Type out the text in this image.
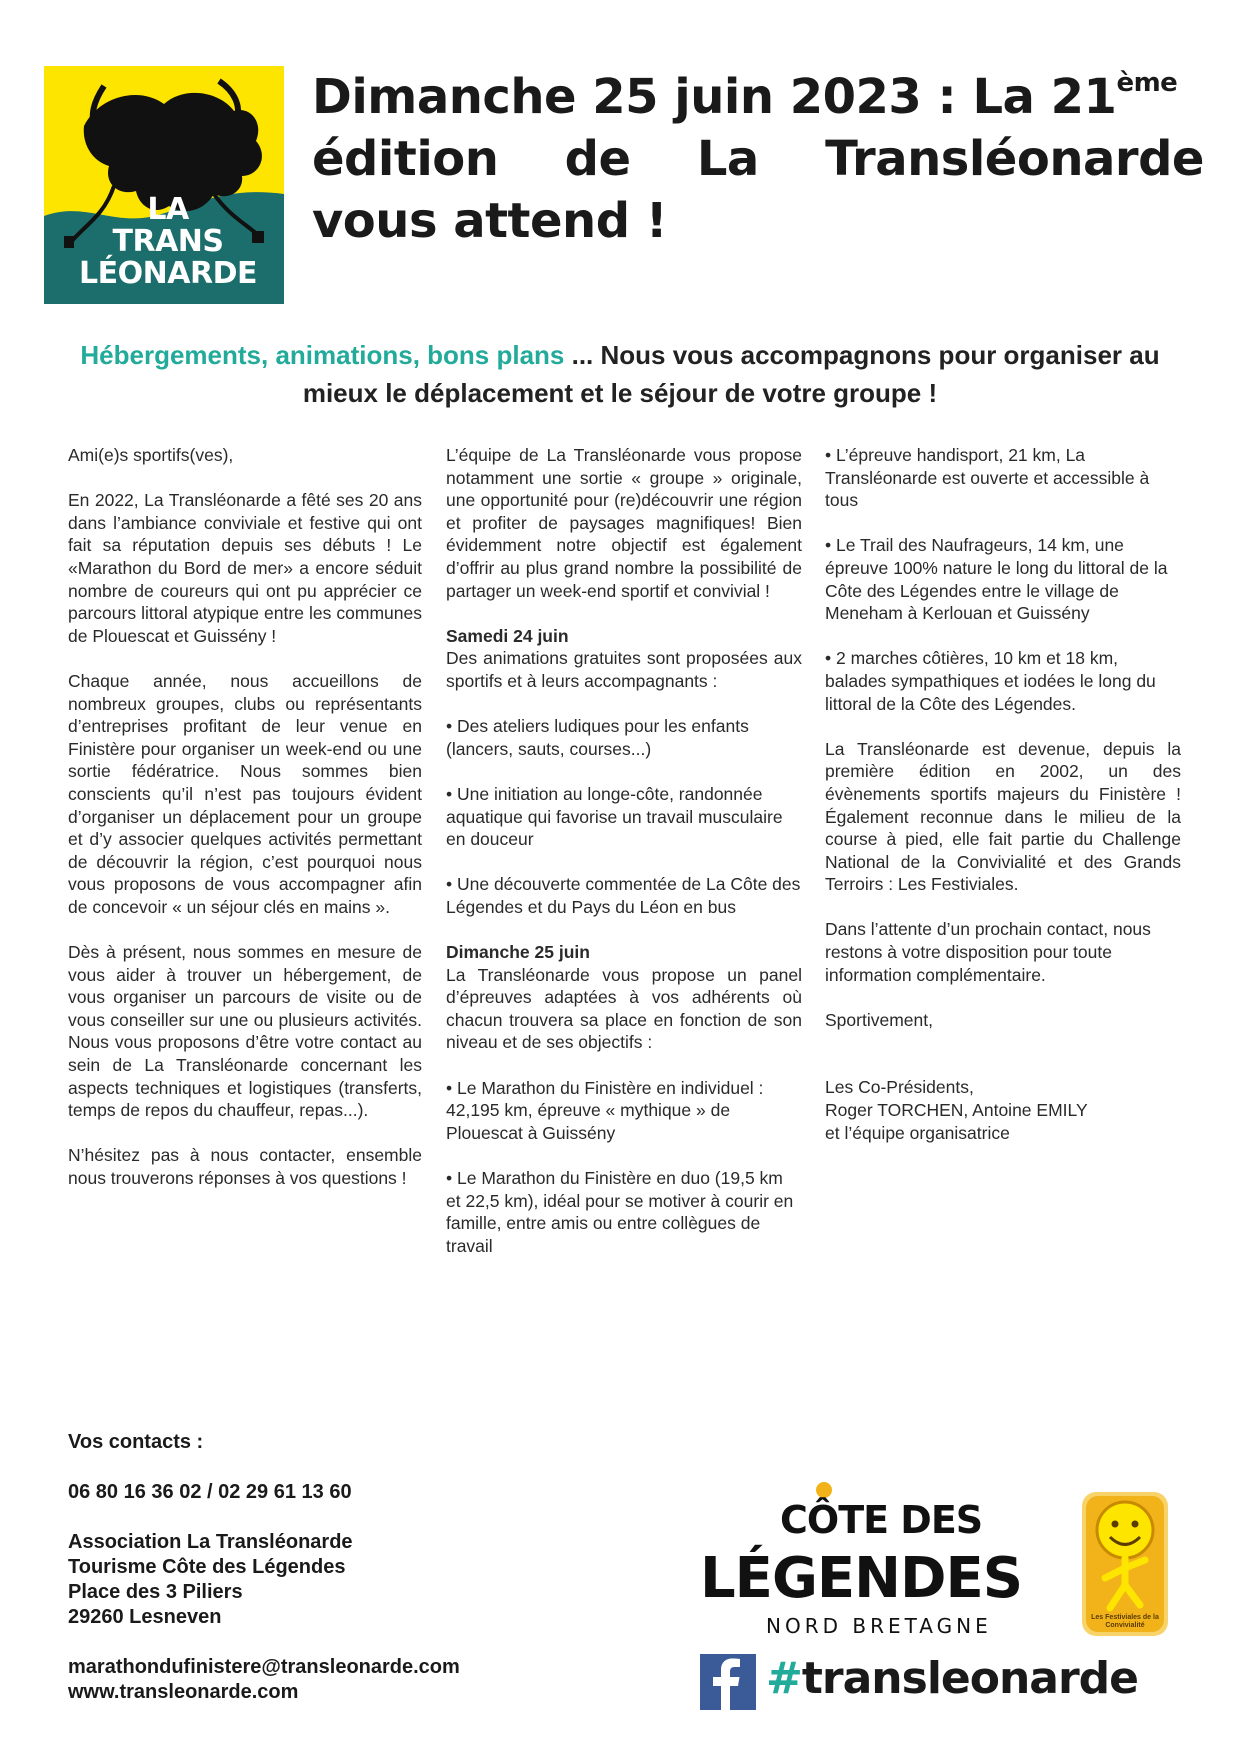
LA
TRANS
LÉONARDE
Dimanche 25 juin 2023 : La 21ème
édition de La Transléonarde
vous attend !

Hébergements, animations, bons plans ... Nous vous accompagnons pour organiser au mieux le déplacement et le séjour de votre groupe !

Ami(e)s sportifs(ves),

En 2022, La Transléonarde a fêté ses 20 ans dans l’ambiance conviviale et festive qui ont fait sa réputation depuis ses débuts ! Le «Marathon du Bord de mer» a encore séduit nombre de coureurs qui ont pu apprécier ce parcours littoral atypique entre les communes de Plouescat et Guissény !

Chaque année, nous accueillons de nombreux groupes, clubs ou représentants d’entreprises profitant de leur venue en Finistère pour organiser un week-end ou une sortie fédératrice. Nous sommes bien conscients qu’il n’est pas toujours évident d’organiser un déplacement pour un groupe et d’y associer quelques activités permettant de découvrir la région, c’est pourquoi nous vous proposons de vous accompagner afin de concevoir « un séjour clés en mains ».

Dès à présent, nous sommes en mesure de vous aider à trouver un hébergement, de vous organiser un parcours de visite ou de vous conseiller sur une ou plusieurs activités. Nous vous proposons d’être votre contact au sein de La Transléonarde concernant les aspects techniques et logistiques (transferts, temps de repos du chauffeur, repas...).

N’hésitez pas à nous contacter, ensemble nous trouverons réponses à vos questions !

L’équipe de La Transléonarde vous propose notamment une sortie « groupe » originale, une opportunité pour (re)découvrir une région et profiter de paysages magnifiques! Bien évidemment notre objectif est également d’offrir au plus grand nombre la possibilité de partager un week-end sportif et convivial !

Samedi 24 juin

Des animations gratuites sont proposées aux sportifs et à leurs accompagnants :

• Des ateliers ludiques pour les enfants (lancers, sauts, courses...)

• Une initiation au longe-côte, randonnée aquatique qui favorise un travail musculaire en douceur

• Une découverte commentée de La Côte des Légendes et du Pays du Léon en bus

Dimanche 25 juin

La Transléonarde vous propose un panel d’épreuves adaptées à vos adhérents où chacun trouvera sa place en fonction de son niveau et de ses objectifs :

• Le Marathon du Finistère en individuel : 42,195 km, épreuve « mythique » de Plouescat à Guissény

• Le Marathon du Finistère en duo (19,5 km et 22,5 km), idéal pour se motiver à courir en famille, entre amis ou entre collègues de travail

• L’épreuve handisport, 21 km, La Transléonarde est ouverte et accessible à tous

• Le Trail des Naufrageurs, 14 km, une épreuve 100% nature le long du littoral de la Côte des Légendes entre le village de Meneham à Kerlouan et Guissény

• 2 marches côtières, 10 km et 18 km, balades sympathiques et iodées le long du littoral de la Côte des Légendes.

La Transléonarde est devenue, depuis la première édition en 2002, un des évènements sportifs majeurs du Finistère ! Également reconnue dans le milieu de la course à pied, elle fait partie du Challenge National de la Convivialité et des Grands Terroirs : Les Festiviales.

Dans l’attente d’un prochain contact, nous restons à votre disposition pour toute information complémentaire.

Sportivement,

Les Co-Présidents,
Roger TORCHEN, Antoine EMILY
et l’équipe organisatrice

Vos contacts :

06 80 16 36 02 / 02 29 61 13 60

Association La Transléonarde
Tourisme Côte des Légendes
Place des 3 Piliers
29260 Lesneven

marathondufinistere@transleonarde.com

www.transleonarde.com

CÔTE DES
LÉGENDES
NORD BRETAGNE	Les Festiviales de la Convivialité
#transleonarde
